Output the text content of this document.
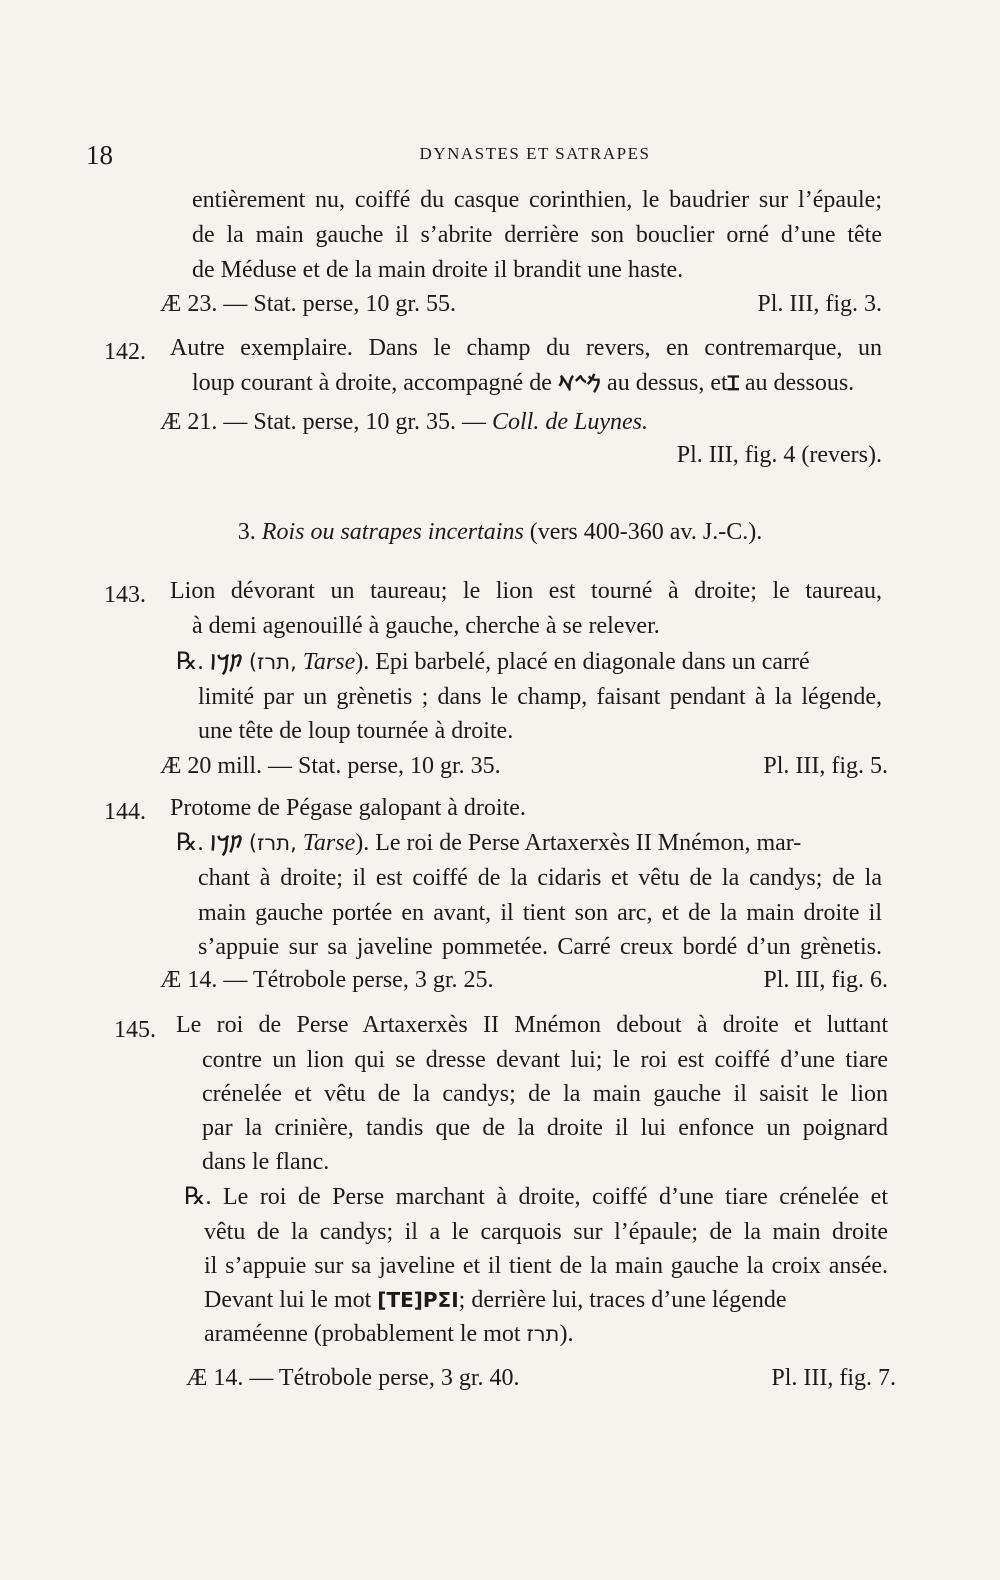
18	DYNASTES ET SATRAPES
entièrement nu, coiffé du casque corinthien, le baudrier sur l’épaule;
de la main gauche il s’abrite derrière son bouclier orné d’une tête
de Méduse et de la main droite il brandit une haste.
Æ 23. — Stat. perse, 10 gr. 55.	Pl. III, fig. 3.
142. Autre exemplaire. Dans le champ du revers, en contremarque, un
loup courant à droite, accompagné de 𐡌𐡉𐡀 au dessus, etꞮ au dessous.
Æ 21. — Stat. perse, 10 gr. 35. — Coll. de Luynes.
Pl. III, fig. 4 (revers).
3. Rois ou satrapes incertains (vers 400-360 av. J.-C.).
143. Lion dévorant un taureau; le lion est tourné à droite; le taureau,
à demi agenouillé à gauche, cherche à se relever.
℞. 𐡕𐡓𐡆 (תרז, Tarse). Epi barbelé, placé en diagonale dans un carré
limité par un grènetis ; dans le champ, faisant pendant à la légende,
une tête de loup tournée à droite.
Æ 20 mill. — Stat. perse, 10 gr. 35.	Pl. III, fig. 5.
144. Protome de Pégase galopant à droite.
℞. 𐡕𐡓𐡆 (תרז, Tarse). Le roi de Perse Artaxerxès II Mnémon, mar-
chant à droite; il est coiffé de la cidaris et vêtu de la candys; de la
main gauche portée en avant, il tient son arc, et de la main droite il
s’appuie sur sa javeline pommetée. Carré creux bordé d’un grènetis.
Æ 14. — Tétrobole perse, 3 gr. 25.	Pl. III, fig. 6.
145. Le roi de Perse Artaxerxès II Mnémon debout à droite et luttant
contre un lion qui se dresse devant lui; le roi est coiffé d’une tiare
crénelée et vêtu de la candys; de la main gauche il saisit le lion
par la crinière, tandis que de la droite il lui enfonce un poignard
dans le flanc.
℞. Le roi de Perse marchant à droite, coiffé d’une tiare crénelée et
vêtu de la candys; il a le carquois sur l’épaule; de la main droite
il s’appuie sur sa javeline et il tient de la main gauche la croix ansée.
Devant lui le mot [TE]PΣI; derrière lui, traces d’une légende
araméenne (probablement le mot תרז).
Æ 14. — Tétrobole perse, 3 gr. 40.	Pl. III, fig. 7.
